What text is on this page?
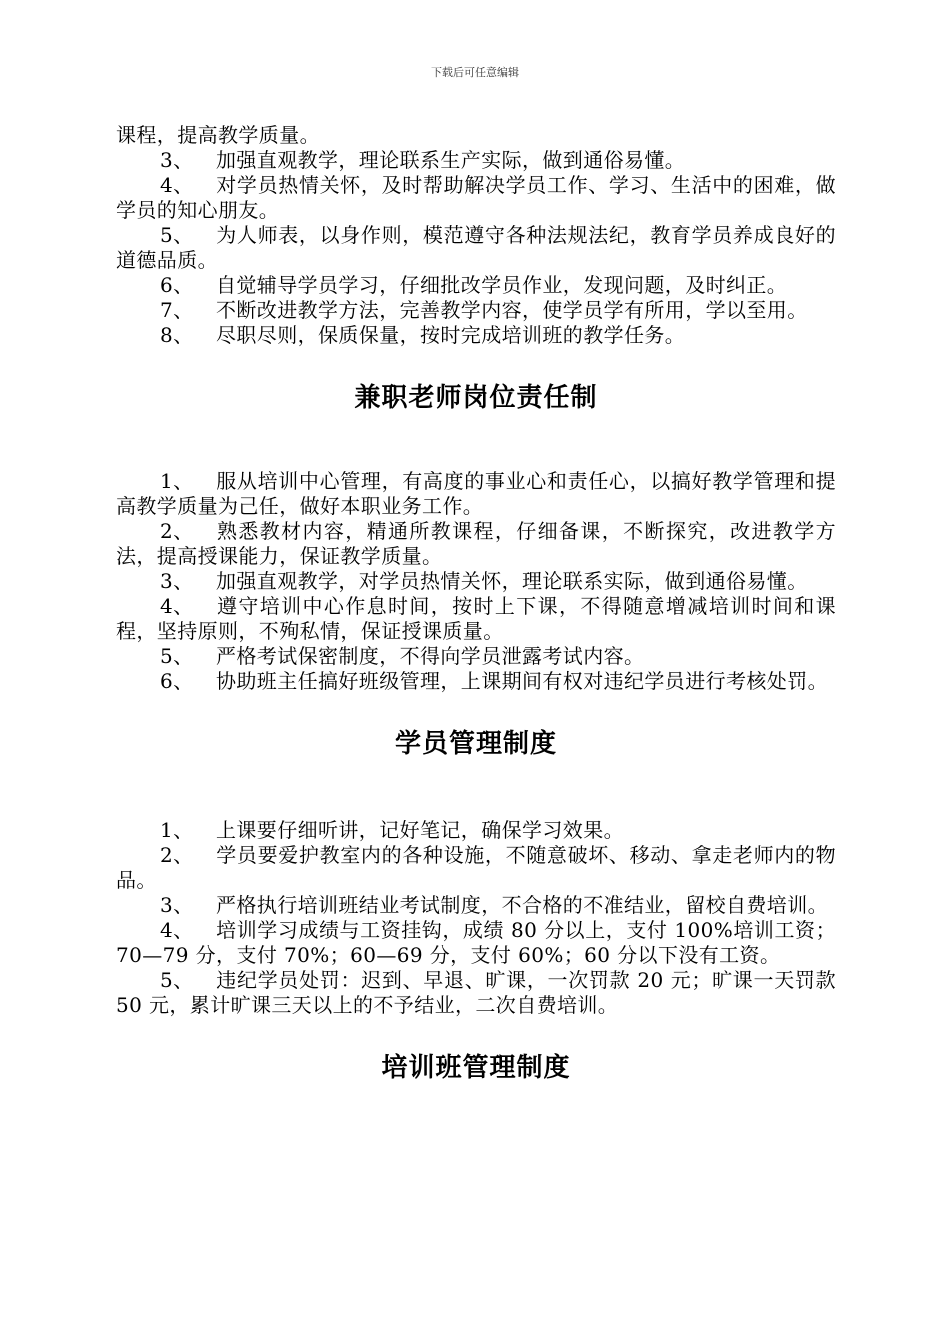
下载后可任意编辑

课程，提高教学质量。

3、 加强直观教学，理论联系生产实际，做到通俗易懂。

4、 对学员热情关怀，及时帮助解决学员工作、学习、生活中的困难，做学员的知心朋友。

5、 为人师表，以身作则，模范遵守各种法规法纪，教育学员养成良好的道德品质。

6、 自觉辅导学员学习，仔细批改学员作业，发现问题，及时纠正。

7、 不断改进教学方法，完善教学内容，使学员学有所用，学以至用。

8、 尽职尽则，保质保量，按时完成培训班的教学任务。

兼职老师岗位责任制

1、 服从培训中心管理，有高度的事业心和责任心，以搞好教学管理和提高教学质量为己任，做好本职业务工作。

2、 熟悉教材内容，精通所教课程，仔细备课，不断探究，改进教学方法，提高授课能力，保证教学质量。

3、 加强直观教学，对学员热情关怀，理论联系实际，做到通俗易懂。

4、 遵守培训中心作息时间，按时上下课，不得随意增减培训时间和课程，坚持原则，不殉私情，保证授课质量。

5、 严格考试保密制度，不得向学员泄露考试内容。

6、 协助班主任搞好班级管理，上课期间有权对违纪学员进行考核处罚。

学员管理制度

1、 上课要仔细听讲，记好笔记，确保学习效果。

2、 学员要爱护教室内的各种设施，不随意破坏、移动、拿走老师内的物品。

3、 严格执行培训班结业考试制度，不合格的不准结业，留校自费培训。

4、 培训学习成绩与工资挂钩，成绩 80 分以上，支付 100%培训工资；70—79 分，支付 70%；60—69 分，支付 60%；60 分以下没有工资。

5、 违纪学员处罚：迟到、早退、旷课，一次罚款 20 元；旷课一天罚款 50 元，累计旷课三天以上的不予结业，二次自费培训。

培训班管理制度
